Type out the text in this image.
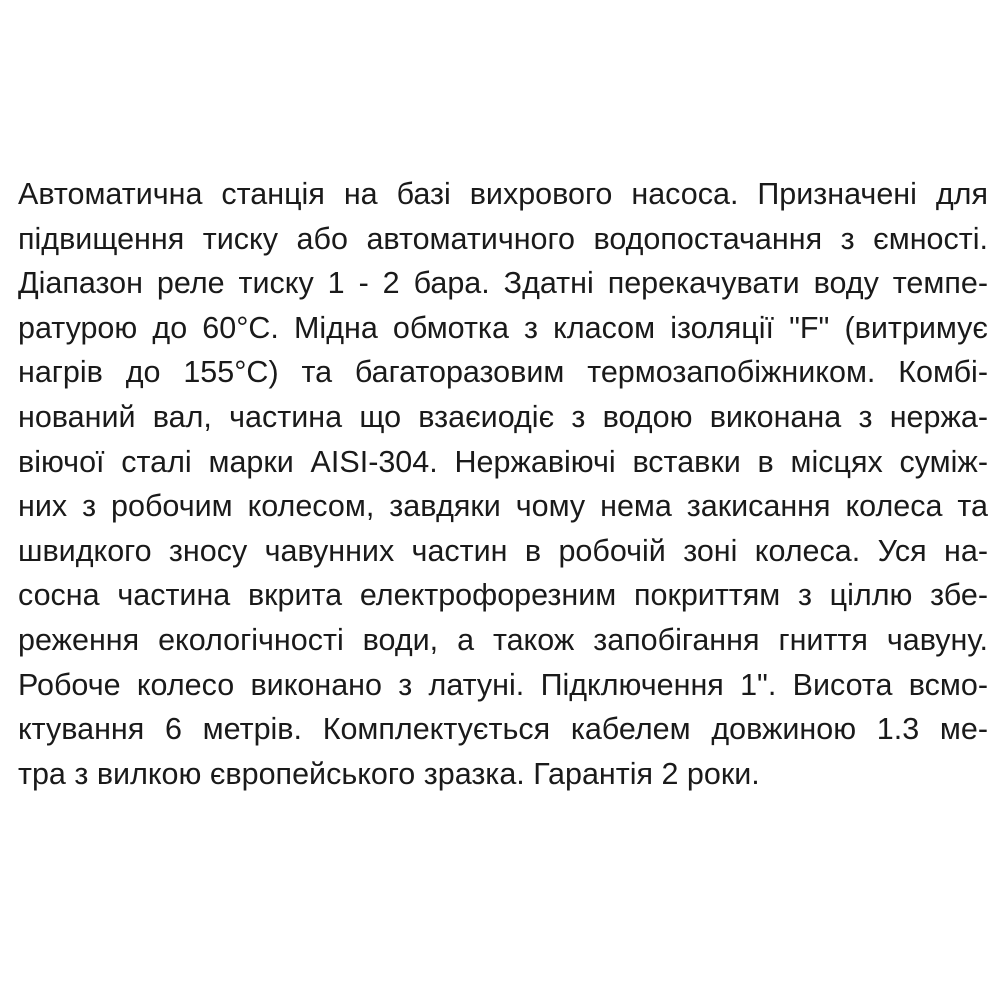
Автоматична станція на базі вихрового насоса. Призначені для
підвищення тиску або автоматичного водопостачання з ємності.
Діапазон реле тиску 1 - 2 бара. Здатні перекачувати воду темпе-
ратурою до 60°C. Мідна обмотка з класом ізоляції "F" (витримує
нагрів до 155°C) та багаторазовим термозапобіжником. Комбі-
нований вал, частина що взаєиодіє з водою виконана з нержа-
віючої сталі марки AISI-304. Нержавіючі вставки в місцях суміж-
них з робочим колесом, завдяки чому нема закисання колеса та
швидкого зносу чавунних частин в робочій зоні колеса. Уся на-
сосна частина вкрита електрофорезним покриттям з ціллю збе-
реження екологічності води, а також запобігання гниття чавуну.
Робоче колесо виконано з латуні. Підключення 1". Висота всмо-
ктування 6 метрів. Комплектується кабелем довжиною 1.3 ме-
тра з вилкою європейського зразка. Гарантія 2 роки.
